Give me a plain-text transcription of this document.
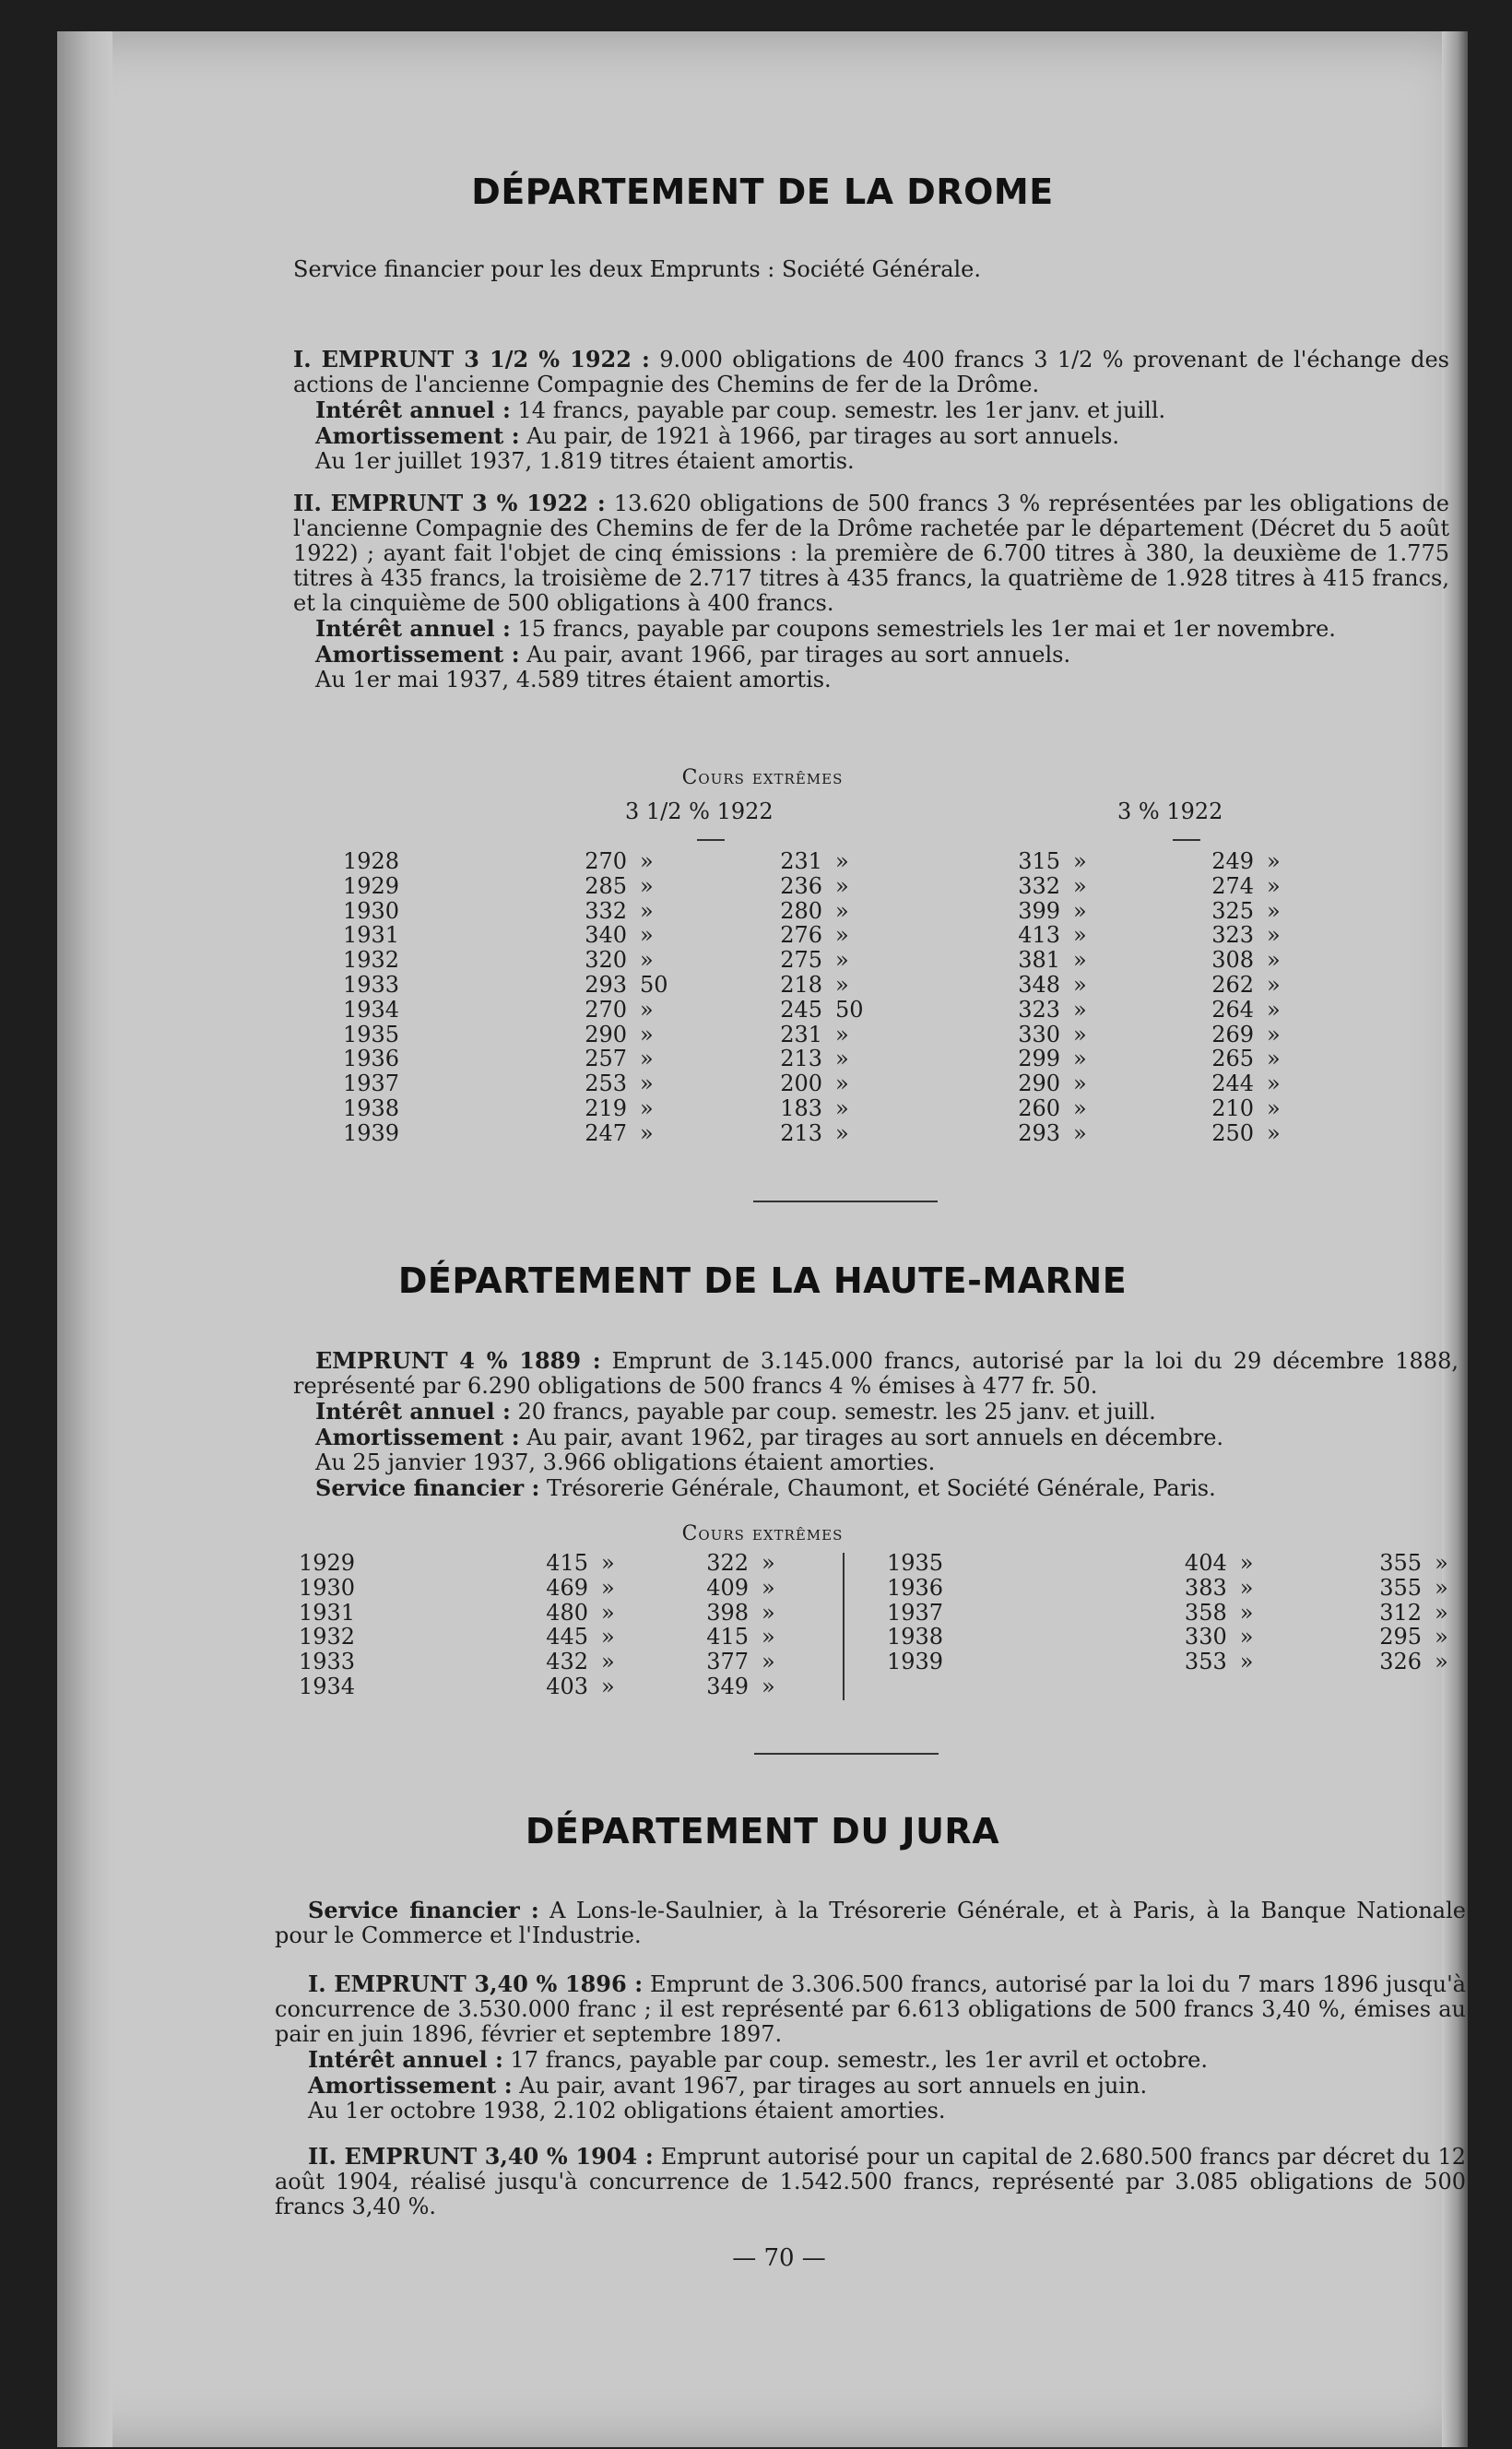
DÉPARTEMENT DE LA DROME
Service financier pour les deux Emprunts : Société Générale.
I. EMPRUNT 3 1/2 % 1922 : 9.000 obligations de 400 francs 3 1/2 % provenant de l'échange des actions de l'ancienne Compagnie des Chemins de fer de la Drôme.
Intérêt annuel : 14 francs, payable par coup. semestr. les 1er janv. et juill.
Amortissement : Au pair, de 1921 à 1966, par tirages au sort annuels.
Au 1er juillet 1937, 1.819 titres étaient amortis.
II. EMPRUNT 3 % 1922 : 13.620 obligations de 500 francs 3 % représentées par les obligations de l'ancienne Compagnie des Chemins de fer de la Drôme rachetée par le département (Décret du 5 août 1922) ; ayant fait l'objet de cinq émissions : la première de 6.700 titres à 380, la deuxième de 1.775 titres à 435 francs, la troisième de 2.717 titres à 435 francs, la quatrième de 1.928 titres à 415 francs, et la cinquième de 500 obligations à 400 francs.
Intérêt annuel : 15 francs, payable par coupons semestriels les 1er mai et 1er novembre.
Amortissement : Au pair, avant 1966, par tirages au sort annuels.
Au 1er mai 1937, 4.589 titres étaient amortis.
Cours extrêmes
3 1/2 % 1922	3 % 1922
1928	270	»	231	»	315	»	249	»
1929	285	»	236	»	332	»	274	»
1930	332	»	280	»	399	»	325	»
1931	340	»	276	»	413	»	323	»
1932	320	»	275	»	381	»	308	»
1933	293	50	218	»	348	»	262	»
1934	270	»	245	50	323	»	264	»
1935	290	»	231	»	330	»	269	»
1936	257	»	213	»	299	»	265	»
1937	253	»	200	»	290	»	244	»
1938	219	»	183	»	260	»	210	»
1939	247	»	213	»	293	»	250	»
DÉPARTEMENT DE LA HAUTE-MARNE
EMPRUNT 4 % 1889 : Emprunt de 3.145.000 francs, autorisé par la loi du 29 décembre 1888, représenté par 6.290 obligations de 500 francs 4 % émises à 477 fr. 50.
Intérêt annuel : 20 francs, payable par coup. semestr. les 25 janv. et juill.
Amortissement : Au pair, avant 1962, par tirages au sort annuels en décembre.
Au 25 janvier 1937, 3.966 obligations étaient amorties.
Service financier : Trésorerie Générale, Chaumont, et Société Générale, Paris.
Cours extrêmes
1929	415	»	322	»
1930	469	»	409	»
1931	480	»	398	»
1932	445	»	415	»
1933	432	»	377	»
1934	403	»	349	»
1935	404	»	355	»
1936	383	»	355	»
1937	358	»	312	»
1938	330	»	295	»
1939	353	»	326	»
DÉPARTEMENT DU JURA
Service financier : A Lons-le-Saulnier, à la Trésorerie Générale, et à Paris, à la Banque Nationale pour le Commerce et l'Industrie.
I. EMPRUNT 3,40 % 1896 : Emprunt de 3.306.500 francs, autorisé par la loi du 7 mars 1896 jusqu'à concurrence de 3.530.000 franc ; il est représenté par 6.613 obligations de 500 francs 3,40 %, émises au pair en juin 1896, février et septembre 1897.
Intérêt annuel : 17 francs, payable par coup. semestr., les 1er avril et octobre.
Amortissement : Au pair, avant 1967, par tirages au sort annuels en juin.
Au 1er octobre 1938, 2.102 obligations étaient amorties.
II. EMPRUNT 3,40 % 1904 : Emprunt autorisé pour un capital de 2.680.500 francs par décret du 12 août 1904, réalisé jusqu'à concurrence de 1.542.500 francs, représenté par 3.085 obligations de 500 francs 3,40 %.
— 70 —
